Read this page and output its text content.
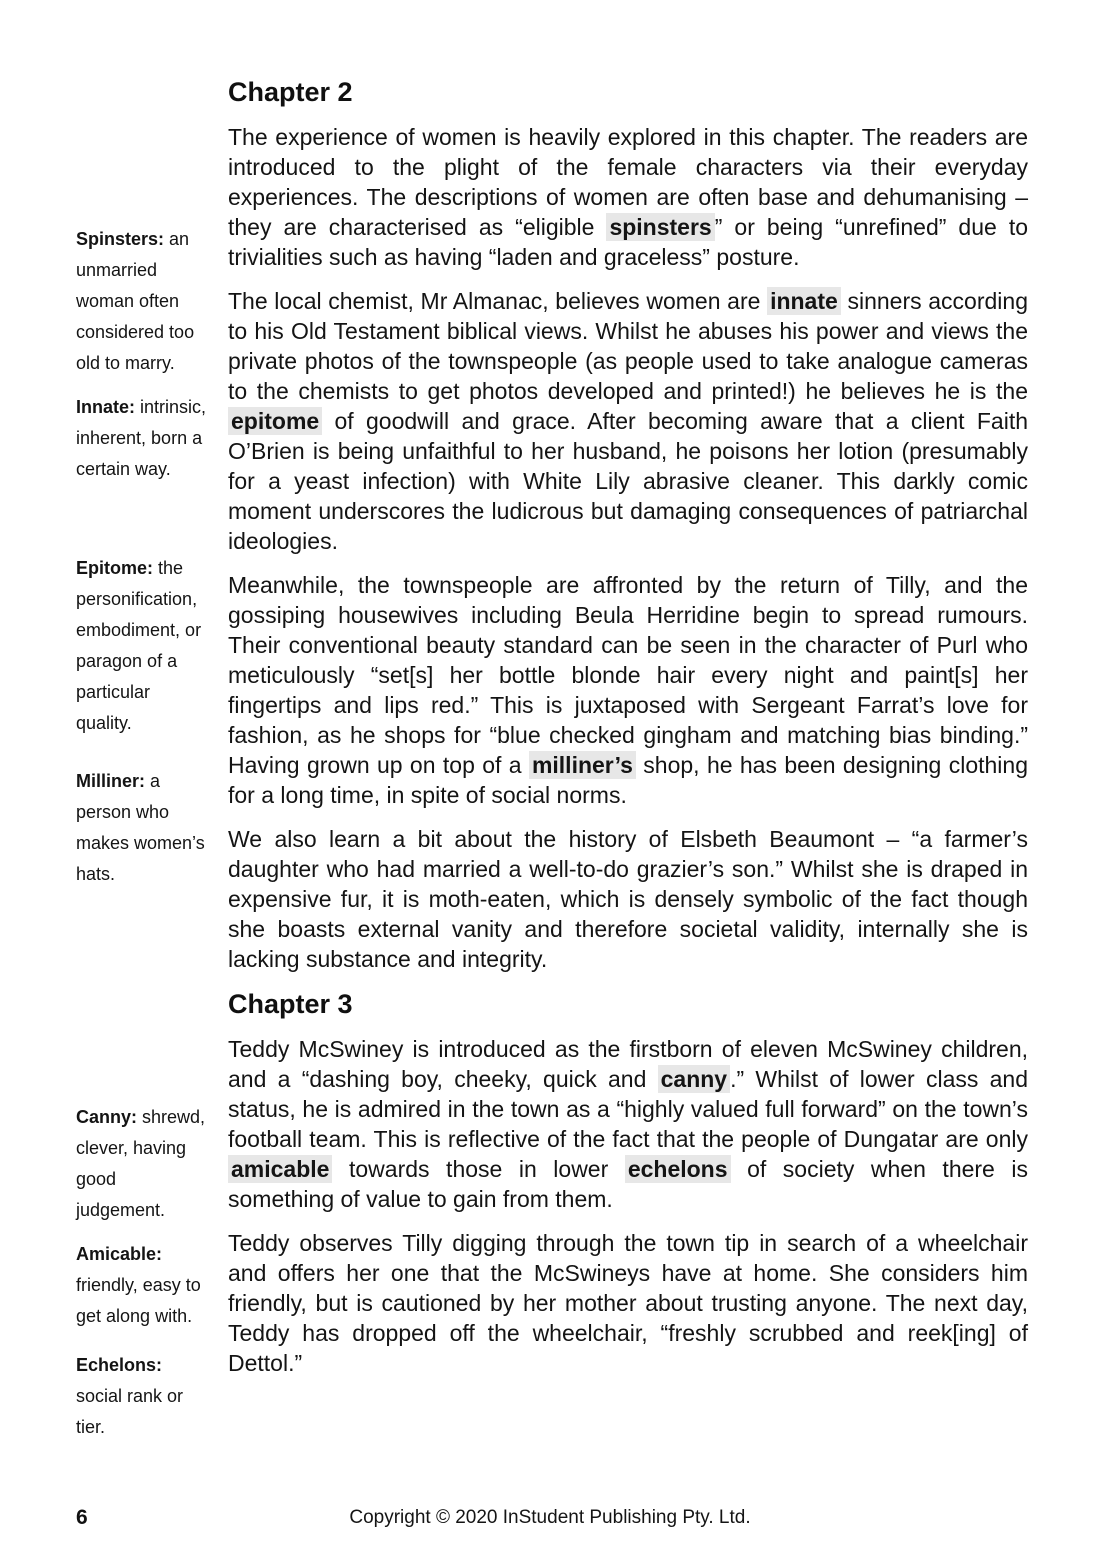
Spinsters: an unmarried woman often considered too old to marry.
Innate: intrinsic, inherent, born a certain way.
Epitome: the personification, embodiment, or paragon of a particular quality.
Milliner: a person who makes women’s hats.
Canny: shrewd, clever, having good judgement.
Amicable: friendly, easy to get along with.
Echelons: social rank or tier.
Chapter 2

The experience of women is heavily explored in this chapter. The readers are introduced to the plight of the female characters via their everyday experiences. The descriptions of women are often base and dehumanising – they are characterised as “eligible spinsters ” or being “unrefined” due to trivialities such as having “laden and graceless” posture.

The local chemist, Mr Almanac, believes women are innate sinners according to his Old Testament biblical views. Whilst he abuses his power and views the private photos of the townspeople (as people used to take analogue cameras to the chemists to get photos developed and printed!) he believes he is the epitome of goodwill and grace. After becoming aware that a client Faith O’Brien is being unfaithful to her husband, he poisons her lotion (presumably for a yeast infection) with White Lily abrasive cleaner. This darkly comic moment underscores the ludicrous but damaging consequences of patriarchal ideologies.

Meanwhile, the townspeople are affronted by the return of Tilly, and the gossiping housewives including Beula Herridine begin to spread rumours. Their conventional beauty standard can be seen in the character of Purl who meticulously “set[s] her bottle blonde hair every night and paint[s] her fingertips and lips red.” This is juxtaposed with Sergeant Farrat’s love for fashion, as he shops for “blue checked gingham and matching bias binding.” Having grown up on top of a milliner’s shop, he has been designing clothing for a long time, in spite of social norms.

We also learn a bit about the history of Elsbeth Beaumont – “a farmer’s daughter who had married a well-to-do grazier’s son.” Whilst she is draped in expensive fur, it is moth-eaten, which is densely symbolic of the fact though she boasts external vanity and therefore societal validity, internally she is lacking substance and integrity.

Chapter 3

Teddy McSwiney is introduced as the firstborn of eleven McSwiney children, and a “dashing boy, cheeky, quick and canny .” Whilst of lower class and status, he is admired in the town as a “highly valued full forward” on the town’s football team. This is reflective of the fact that the people of Dungatar are only amicable towards those in lower echelons of society when there is something of value to gain from them.

Teddy observes Tilly digging through the town tip in search of a wheelchair and offers her one that the McSwineys have at home. She considers him friendly, but is cautioned by her mother about trusting anyone. The next day, Teddy has dropped off the wheelchair, “freshly scrubbed and reek[ing] of Dettol.”

6	Copyright © 2020 InStudent Publishing Pty. Ltd.
